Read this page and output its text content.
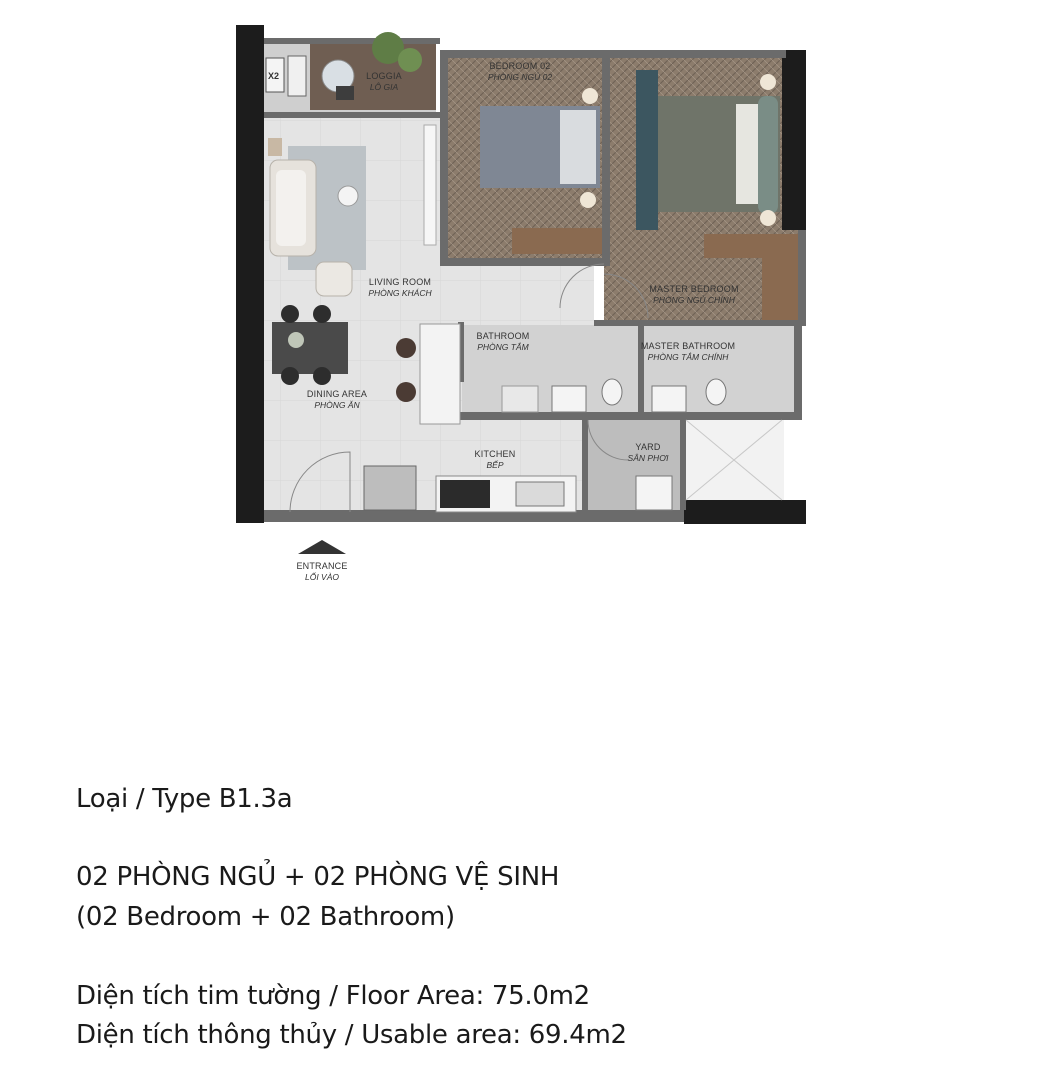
X2	LOGGIA
LÔ GIA
BEDROOM 02
PHÒNG NGỦ 02
MASTER BEDROOM
PHÒNG NGỦ CHÍNH
LIVING ROOM
PHÒNG KHÁCH
BATHROOM
PHÒNG TẮM	MASTER BATHROOM
PHÒNG TẮM CHÍNH
DINING AREA
PHÒNG ĂN
KITCHEN
BẾP
YARD
SÂN PHƠI
ENTRANCE
LỐI VÀO

Loại / Type B1.3a

02 PHÒNG NGỦ + 02 PHÒNG VỆ SINH

(02 Bedroom + 02 Bathroom)

Diện tích tim tường / Floor Area: 75.0m2

Diện tích thông thủy / Usable area: 69.4m2
